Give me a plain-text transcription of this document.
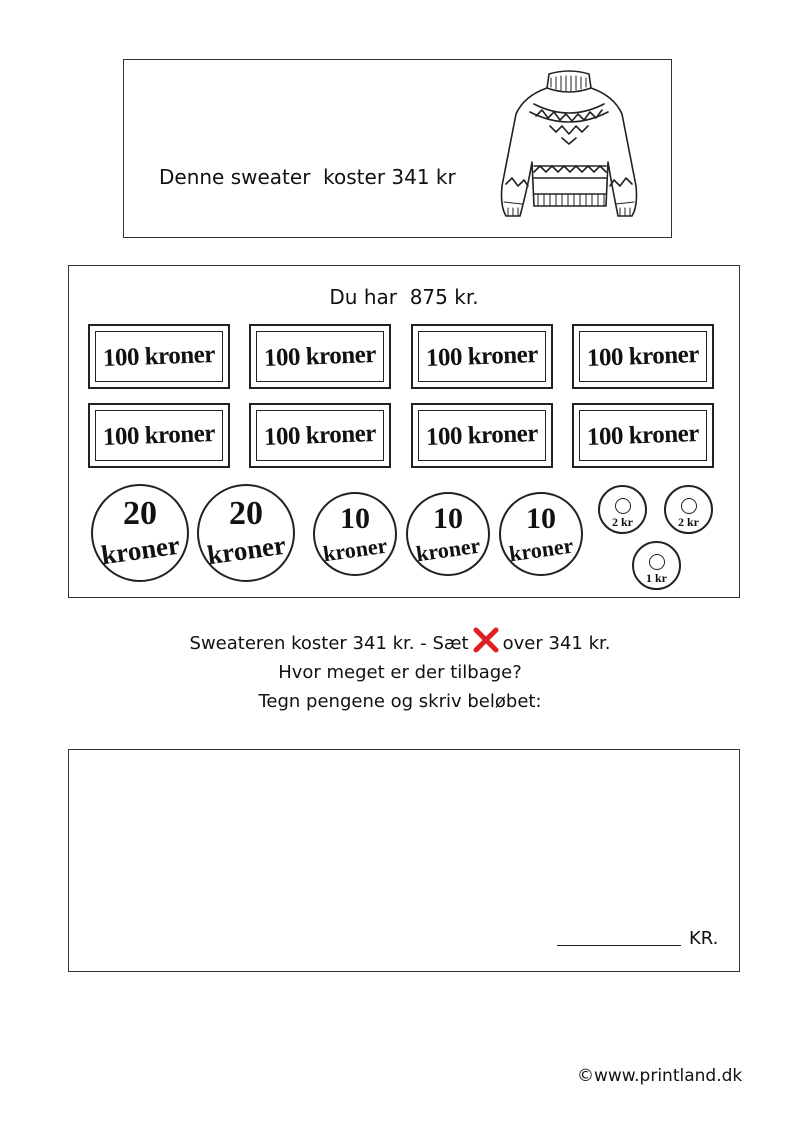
Denne sweater  koster 341 kr
Du har  875 kr.
100 kroner 100 kroner 100 kroner 100 kroner
100 kroner 100 kroner 100 kroner 100 kroner
20
kroner
20
kroner
10
kroner
10
kroner
10
kroner
2 kr	2 kr
1 kr
Sweateren koster 341 kr. - Sæt over 341 kr.
Hvor meget er der tilbage?
Tegn pengene og skriv beløbet:
KR.
©www.printland.dk
